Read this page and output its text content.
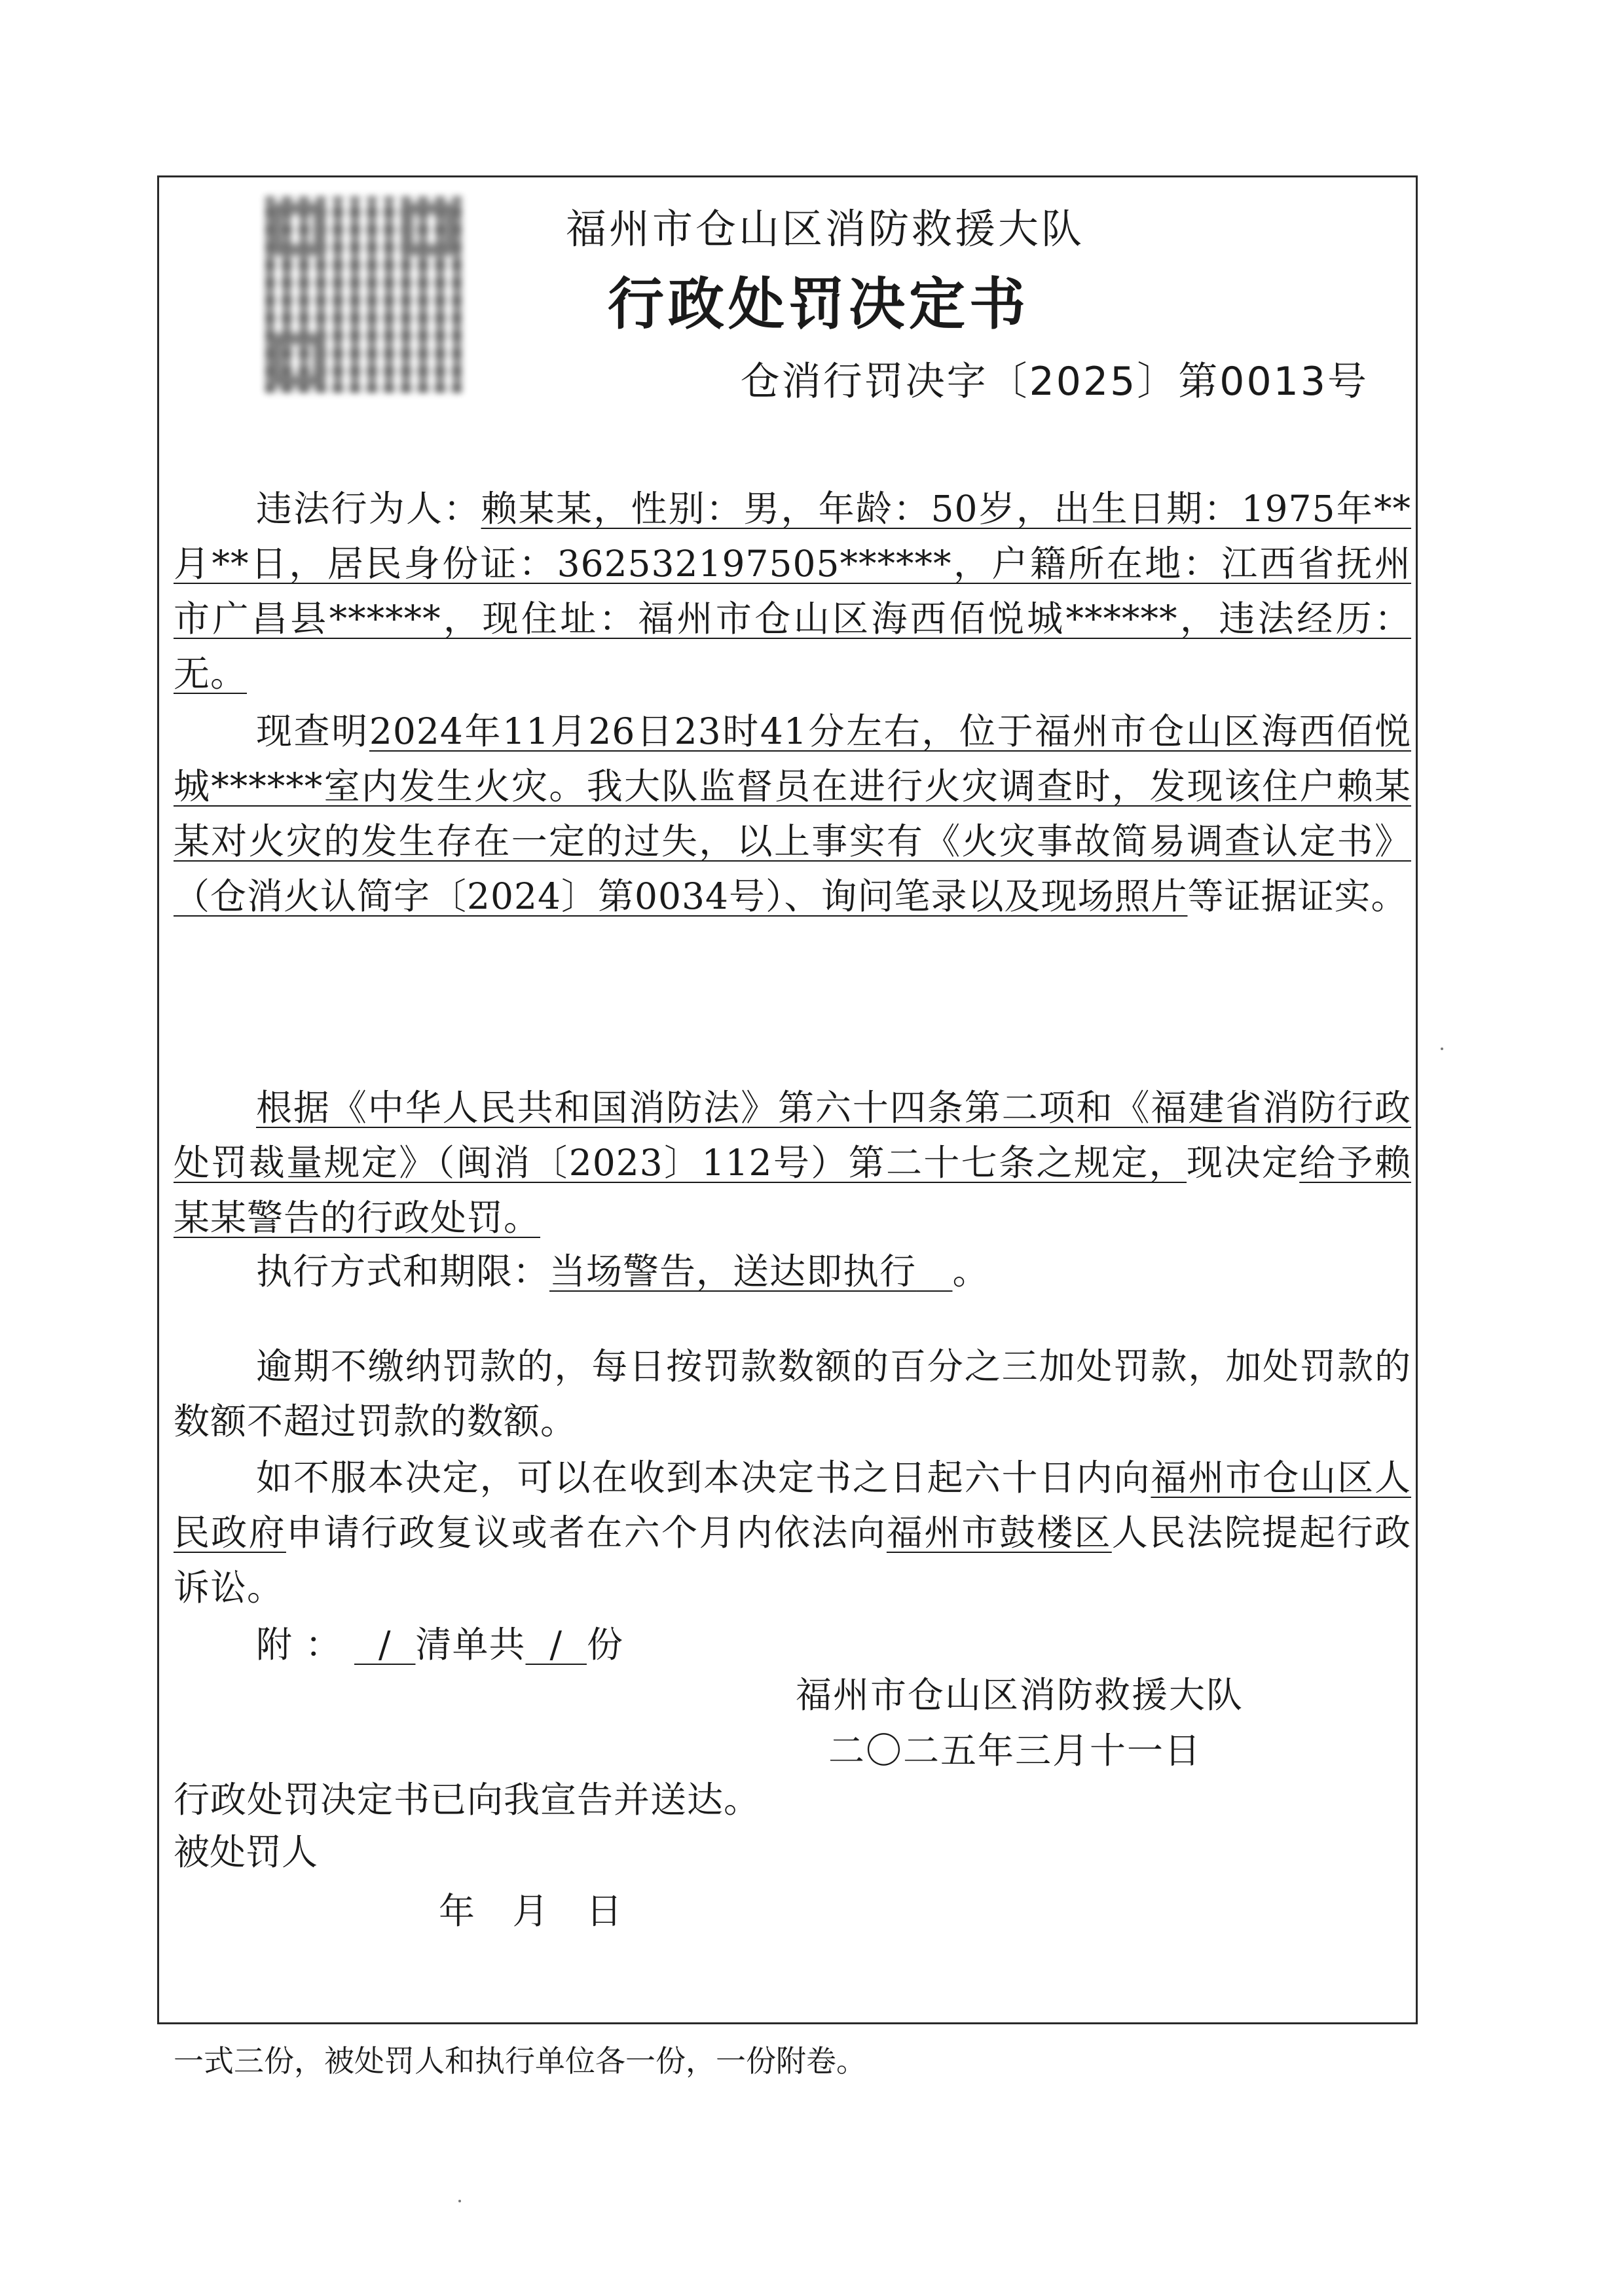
福州市仓山区消防救援大队
行政处罚决定书
仓消行罚决字〔2025〕第0013号
违法行为人：赖某某，性别：男，年龄：50岁，出生日期：1975年**月**日，居民身份证：362532197505******，户籍所在地：江西省抚州市广昌县******，现住址：福州市仓山区海西佰悦城******，违法经历：无。
现查明2024年11月26日23时41分左右，位于福州市仓山区海西佰悦城******室内发生火灾。我大队监督员在进行火灾调查时，发现该住户赖某某对火灾的发生存在一定的过失，以上事实有《火灾事故简易调查认定书》（仓消火认简字〔2024〕第0034号）、询问笔录以及现场照片等证据证实。
根据《中华人民共和国消防法》第六十四条第二项和《福建省消防行政处罚裁量规定》（闽消〔2023〕112号）第二十七条之规定，现决定给予赖某某警告的行政处罚。
执行方式和期限：当场警告，送达即执行 。
逾期不缴纳罚款的，每日按罚款数额的百分之三加处罚款，加处罚款的数额不超过罚款的数额。
如不服本决定，可以在收到本决定书之日起六十日内向福州市仓山区人民政府申请行政复议或者在六个月内依法向福州市鼓楼区人民法院提起行政诉讼。
附： / 清单共 / 份
福州市仓山区消防救援大队
二〇二五年三月十一日
行政处罚决定书已向我宣告并送达。
被处罚人
年 月 日
一式三份，被处罚人和执行单位各一份，一份附卷。
